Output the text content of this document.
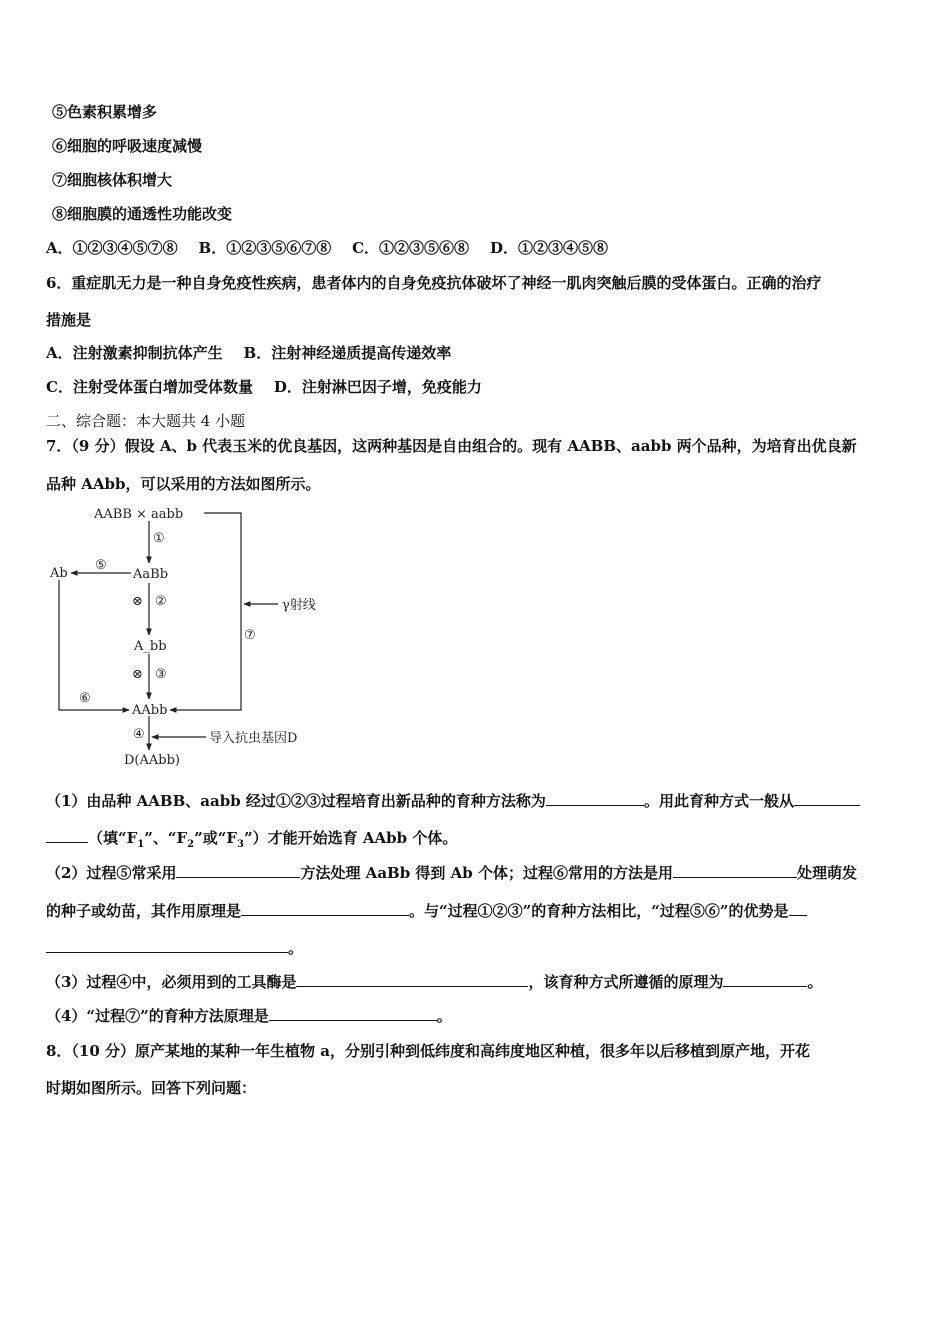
⑤色素积累增多
⑥细胞的呼吸速度减慢
⑦细胞核体积增大
⑧细胞膜的通透性功能改变
A．①②③④⑤⑦⑧ B．①②③⑤⑥⑦⑧ C．①②③⑤⑥⑧ D．①②③④⑤⑧
6．重症肌无力是一种自身免疫性疾病，患者体内的自身免疫抗体破坏了神经一肌肉突触后膜的受体蛋白。正确的治疗
措施是
A．注射激素抑制抗体产生 B．注射神经递质提高传递效率
C．注射受体蛋白增加受体数量 D．注射淋巴因子增，免疫能力
二、综合题：本大题共 4 小题
7．（9 分）假设 A、b 代表玉米的优良基因，这两种基因是自由组合的。现有 AABB、aabb 两个品种，为培育出优良新
品种 AAbb，可以采用的方法如图所示。
AABB × aabb
AaBb
A_bb
AAbb
D(AAbb)
Ab
γ射线
导入抗虫基因D
①
②
③
④
⑤
⑥
⑦
⊗
⊗
（1）由品种 AABB、aabb 经过①②③过程培育出新品种的育种方法称为	。用此育种方式一般从
（填“$F_1$”、“$F_2$”或“$F_3$”）才能开始选育 AAbb 个体。
（2）过程⑤常采用	方法处理 AaBb 得到 Ab 个体；过程⑥常用的方法是用	处理萌发
的种子或幼苗，其作用原理是	。与“过程①②③”的育种方法相比，“过程⑤⑥”的优势是
。
（3）过程④中，必须用到的工具酶是	，该育种方式所遵循的原理为	。
（4）“过程⑦”的育种方法原理是	。
8．（10 分）原产某地的某种一年生植物 a，分别引种到低纬度和高纬度地区种植，很多年以后移植到原产地，开花
时期如图所示。回答下列问题：
